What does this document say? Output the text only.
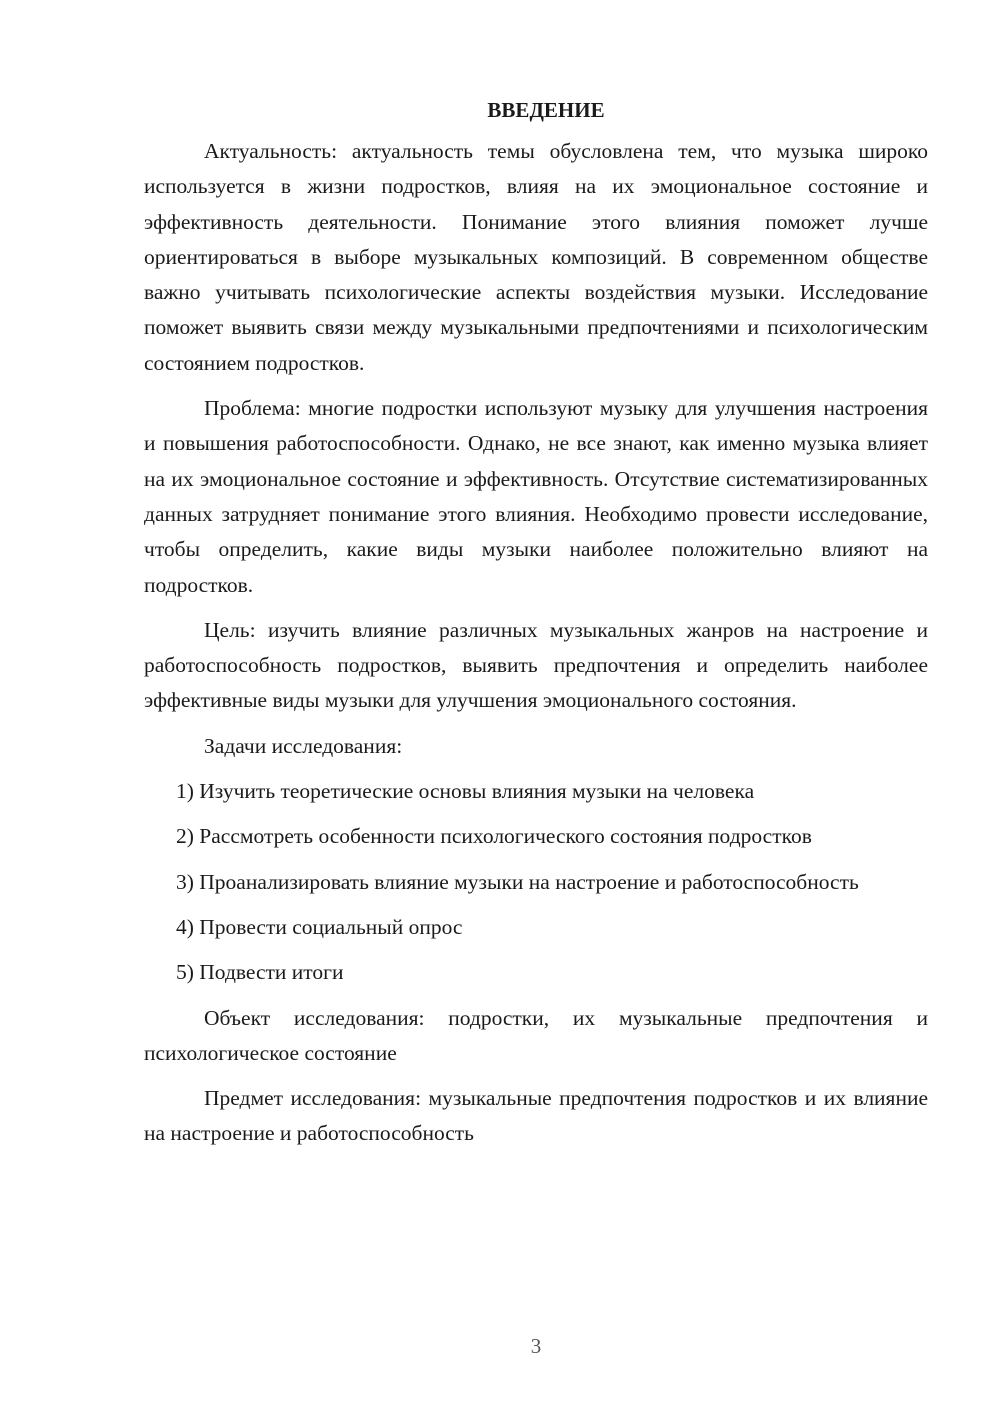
ВВЕДЕНИЕ

Актуальность: актуальность темы обусловлена тем, что музыка широко используется в жизни подростков, влияя на их эмоциональное состояние и эффективность деятельности. Понимание этого влияния поможет лучше ориентироваться в выборе музыкальных композиций. В современном обществе важно учитывать психологические аспекты воздействия музыки. Исследование поможет выявить связи между музыкальными предпочтениями и психологическим состоянием подростков.

Проблема: многие подростки используют музыку для улучшения настроения и повышения работоспособности. Однако, не все знают, как именно музыка влияет на их эмоциональное состояние и эффективность. Отсутствие систематизированных данных затрудняет понимание этого влияния. Необходимо провести исследование, чтобы определить, какие виды музыки наиболее положительно влияют на подростков.

Цель: изучить влияние различных музыкальных жанров на настроение и работоспособность подростков, выявить предпочтения и определить наиболее эффективные виды музыки для улучшения эмоционального состояния.

Задачи исследования:

1) Изучить теоретические основы влияния музыки на человека

2) Рассмотреть особенности психологического состояния подростков

3) Проанализировать влияние музыки на настроение и работоспособность

4) Провести социальный опрос

5) Подвести итоги

Объект исследования: подростки, их музыкальные предпочтения и психологическое состояние

Предмет исследования: музыкальные предпочтения подростков и их влияние на настроение и работоспособность

3
